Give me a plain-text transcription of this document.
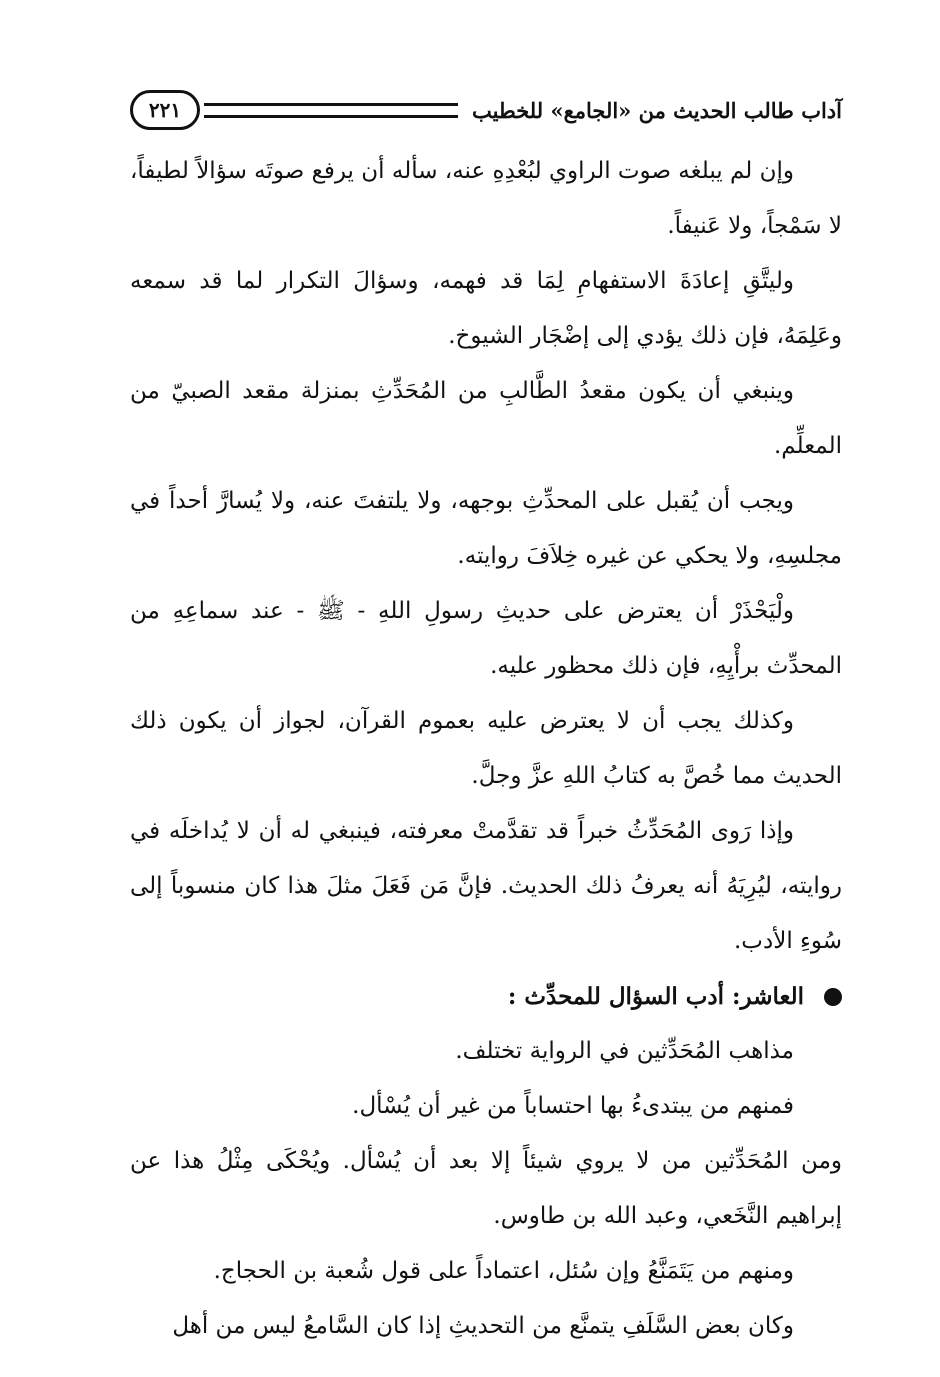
آداب طالب الحديث من «الجامع» للخطيب
٢٢١

وإن لم يبلغه صوت الراوي لبُعْدِهِ عنه، سأله أن يرفع صوتَه سؤالاً لطيفاً، لا سَمْجاً، ولا عَنيفاً.

وليتَّقِ إعادَةَ الاستفهامِ لِمَا قد فهمه، وسؤالَ التكرار لما قد سمعه وعَلِمَهُ، فإن ذلك يؤدي إلى إضْجَار الشيوخ.

وينبغي أن يكون مقعدُ الطَّالبِ من المُحَدِّثِ بمنزلة مقعد الصبيّ من المعلِّم.

ويجب أن يُقبل على المحدِّثِ بوجهه، ولا يلتفتَ عنه، ولا يُسارَّ أحداً في مجلسِهِ، ولا يحكي عن غيره خِلاَفَ روايته.

ولْيَحْذَرْ أن يعترض على حديثِ رسولِ اللهِ - ﷺ - عند سماعِهِ من المحدِّث برأْيِهِ، فإن ذلك محظور عليه.

وكذلك يجب أن لا يعترض عليه بعموم القرآن، لجواز أن يكون ذلك الحديث مما خُصَّ به كتابُ اللهِ عزَّ وجلَّ.

وإذا رَوى المُحَدِّثُ خبراً قد تقدَّمتْ معرفته، فينبغي له أن لا يُداخلَه في روايته، ليُرِيَهُ أنه يعرفُ ذلك الحديث. فإنَّ مَن فَعَلَ مثلَ هذا كان منسوباً إلى سُوءِ الأدب.

العاشر: أدب السؤال للمحدِّث :

مذاهب المُحَدِّثين في الرواية تختلف.

فمنهم من يبتدىءُ بها احتساباً من غير أن يُسْأل.

ومن المُحَدِّثين من لا يروي شيئاً إلا بعد أن يُسْأل. ويُحْكَى مِثْلُ هذا عن إبراهيم النَّخَعي، وعبد الله بن طاوس.

ومنهم من يَتَمَنَّعُ وإن سُئل، اعتماداً على قول شُعبة بن الحجاج.

وكان بعض السَّلَفِ يتمنَّع من التحديثِ إذا كان السَّامعُ ليس من أهل
